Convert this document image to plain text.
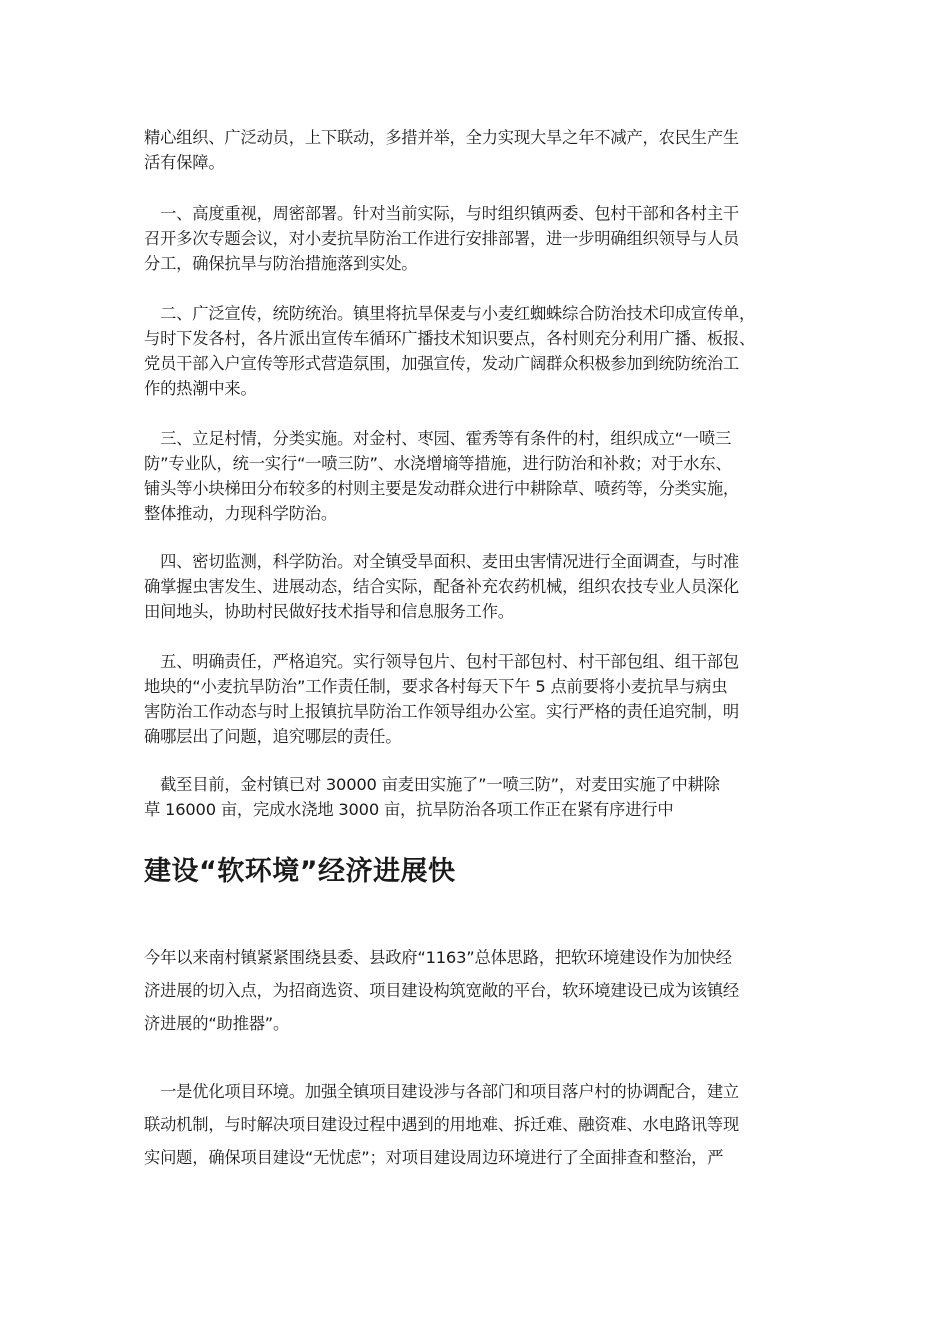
精心组织、广泛动员，上下联动，多措并举，全力实现大旱之年不减产，农民生产生

活有保障。

　一、高度重视，周密部署。针对当前实际，与时组织镇两委、包村干部和各村主干

召开多次专题会议，对小麦抗旱防治工作进行安排部署，进一步明确组织领导与人员

分工，确保抗旱与防治措施落到实处。

　二、广泛宣传，统防统治。镇里将抗旱保麦与小麦红蜘蛛综合防治技术印成宣传单，

与时下发各村，各片派出宣传车循环广播技术知识要点，各村则充分利用广播、板报、

党员干部入户宣传等形式营造氛围，加强宣传，发动广阔群众积极参加到统防统治工

作的热潮中来。

　三、立足村情，分类实施。对金村、枣园、霍秀等有条件的村，组织成立“一喷三

防”专业队，统一实行“一喷三防”、水浇增墒等措施，进行防治和补救；对于水东、

铺头等小块梯田分布较多的村则主要是发动群众进行中耕除草、喷药等，分类实施，

整体推动，力现科学防治。

　四、密切监测，科学防治。对全镇受旱面积、麦田虫害情况进行全面调查，与时准

确掌握虫害发生、进展动态，结合实际，配备补充农药机械，组织农技专业人员深化

田间地头，协助村民做好技术指导和信息服务工作。

　五、明确责任，严格追究。实行领导包片、包村干部包村、村干部包组、组干部包

地块的“小麦抗旱防治”工作责任制，要求各村每天下午 5 点前要将小麦抗旱与病虫

害防治工作动态与时上报镇抗旱防治工作领导组办公室。实行严格的责任追究制，明

确哪层出了问题，追究哪层的责任。

　截至目前，金村镇已对 30000 亩麦田实施了”一喷三防”，对麦田实施了中耕除

草 16000 亩，完成水浇地 3000 亩，抗旱防治各项工作正在紧有序进行中

建设“软环境”经济进展快

今年以来南村镇紧紧围绕县委、县政府“1163”总体思路，把软环境建设作为加快经

济进展的切入点，为招商选资、项目建设构筑宽敞的平台，软环境建设已成为该镇经

济进展的“助推器”。

　一是优化项目环境。加强全镇项目建设涉与各部门和项目落户村的协调配合，建立

联动机制，与时解决项目建设过程中遇到的用地难、拆迁难、融资难、水电路讯等现

实问题，确保项目建设“无忧虑”；对项目建设周边环境进行了全面排查和整治，严
